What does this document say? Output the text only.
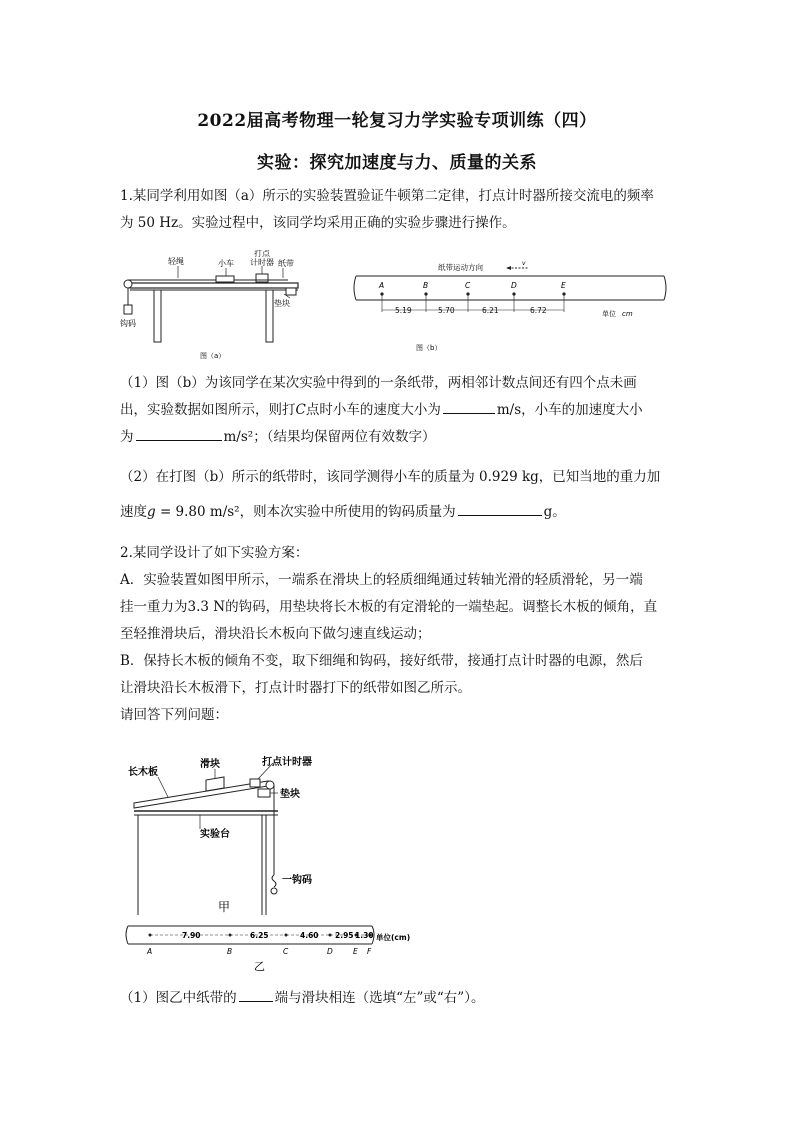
2022届高考物理一轮复习力学实验专项训练（四）
实验：探究加速度与力、质量的关系
1.某同学利用如图（a）所示的实验装置验证牛顿第二定律，打点计时器所接交流电的频率
为 50 Hz。实验过程中，该同学均采用正确的实验步骤进行操作。
轻绳	小车
打点
计时器 纸带
垫块
钩码
图（a）
纸带运动方向	v
A	B	C	D	E
5.19	5.70	6.21	6.72	单位 cm
图（b）
（1）图（b）为该同学在某次实验中得到的一条纸带，两相邻计数点间还有四个点未画
出，实验数据如图所示，则打C点时小车的速度大小为	m/s，小车的加速度大小
为	m/s²；（结果均保留两位有效数字）
（2）在打图（b）所示的纸带时，该同学测得小车的质量为 0.929 kg，已知当地的重力加
速度g = 9.80 m/s²，则本次实验中所使用的钩码质量为	g。
2.某同学设计了如下实验方案：
A．实验装置如图甲所示，一端系在滑块上的轻质细绳通过转轴光滑的轻质滑轮，另一端
挂一重力为3.3 N的钩码，用垫块将长木板的有定滑轮的一端垫起。调整长木板的倾角，直
至轻推滑块后，滑块沿长木板向下做匀速直线运动；
B．保持长木板的倾角不变，取下细绳和钩码，接好纸带，接通打点计时器的电源，然后
让滑块沿长木板滑下，打点计时器打下的纸带如图乙所示。
请回答下列问题：
长木板
滑块	打点计时器
垫块
实验台
一钩码
甲
A	B	C	D	E F
7.90	6.25	4.60 2.95 1.30 单位(cm)
乙
（1）图乙中纸带的	端与滑块相连（选填“左”或“右”）。
